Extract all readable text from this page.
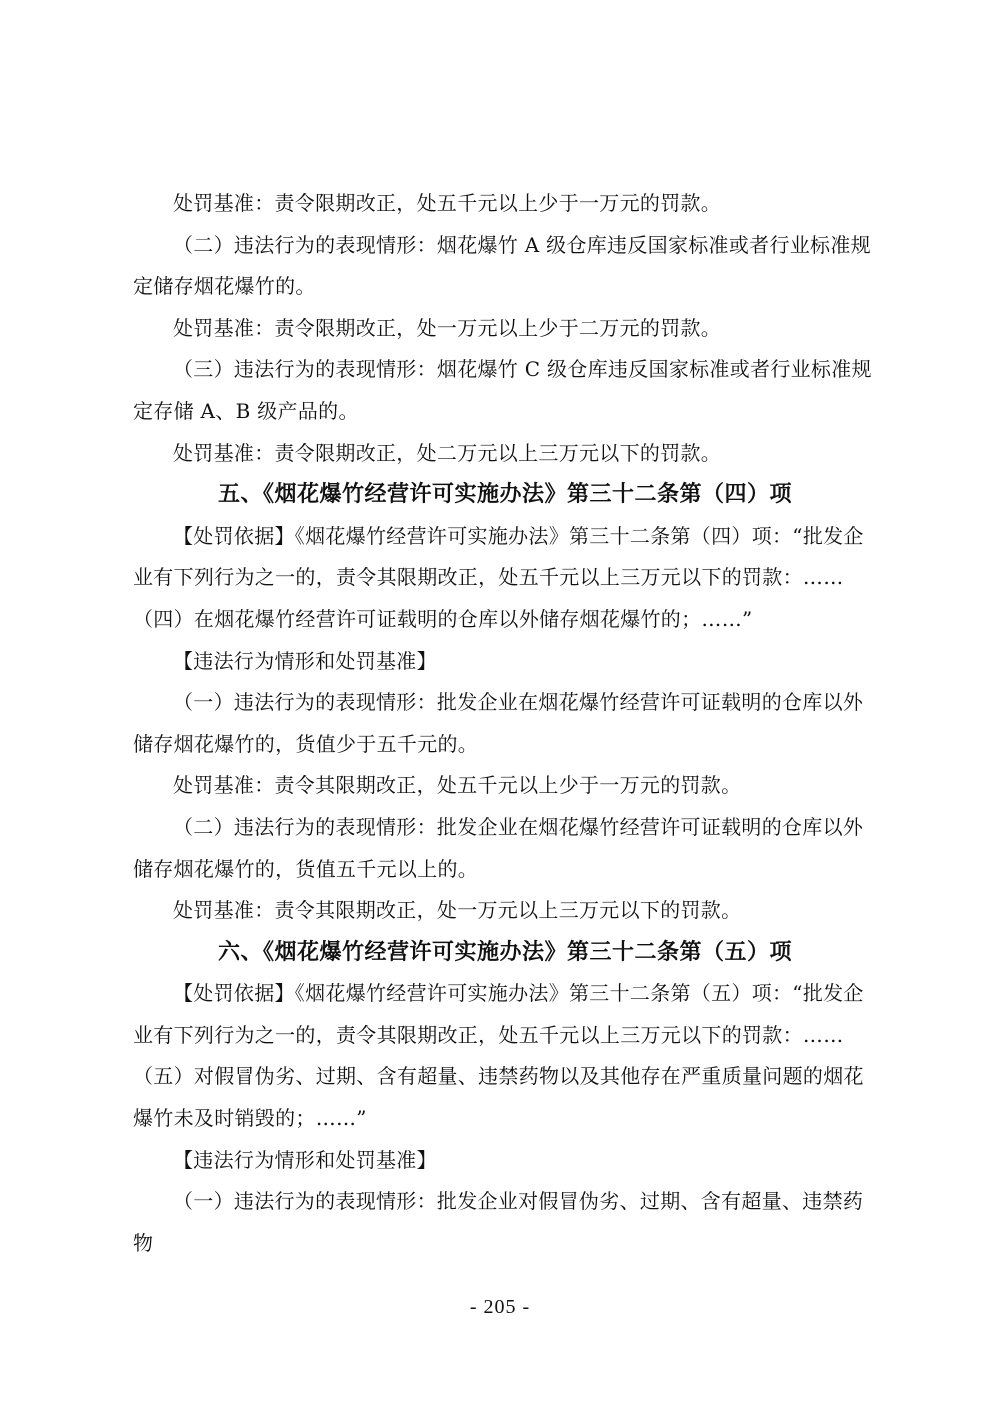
处罚基准：责令限期改正，处五千元以上少于一万元的罚款。

（二）违法行为的表现情形：烟花爆竹 A 级仓库违反国家标准或者行业标准规定储存烟花爆竹的。

处罚基准：责令限期改正，处一万元以上少于二万元的罚款。

（三）违法行为的表现情形：烟花爆竹 C 级仓库违反国家标准或者行业标准规定存储 A、B 级产品的。

处罚基准：责令限期改正，处二万元以上三万元以下的罚款。

五、《烟花爆竹经营许可实施办法》第三十二条第（四）项

【处罚依据】《烟花爆竹经营许可实施办法》第三十二条第（四）项：“批发企业有下列行为之一的，责令其限期改正，处五千元以上三万元以下的罚款：……（四）在烟花爆竹经营许可证载明的仓库以外储存烟花爆竹的；……”

【违法行为情形和处罚基准】

（一）违法行为的表现情形：批发企业在烟花爆竹经营许可证载明的仓库以外储存烟花爆竹的，货值少于五千元的。

处罚基准：责令其限期改正，处五千元以上少于一万元的罚款。

（二）违法行为的表现情形：批发企业在烟花爆竹经营许可证载明的仓库以外储存烟花爆竹的，货值五千元以上的。

处罚基准：责令其限期改正，处一万元以上三万元以下的罚款。

六、《烟花爆竹经营许可实施办法》第三十二条第（五）项

【处罚依据】《烟花爆竹经营许可实施办法》第三十二条第（五）项：“批发企业有下列行为之一的，责令其限期改正，处五千元以上三万元以下的罚款：……（五）对假冒伪劣、过期、含有超量、违禁药物以及其他存在严重质量问题的烟花爆竹未及时销毁的；……”

【违法行为情形和处罚基准】

（一）违法行为的表现情形：批发企业对假冒伪劣、过期、含有超量、违禁药物

- 205 -
